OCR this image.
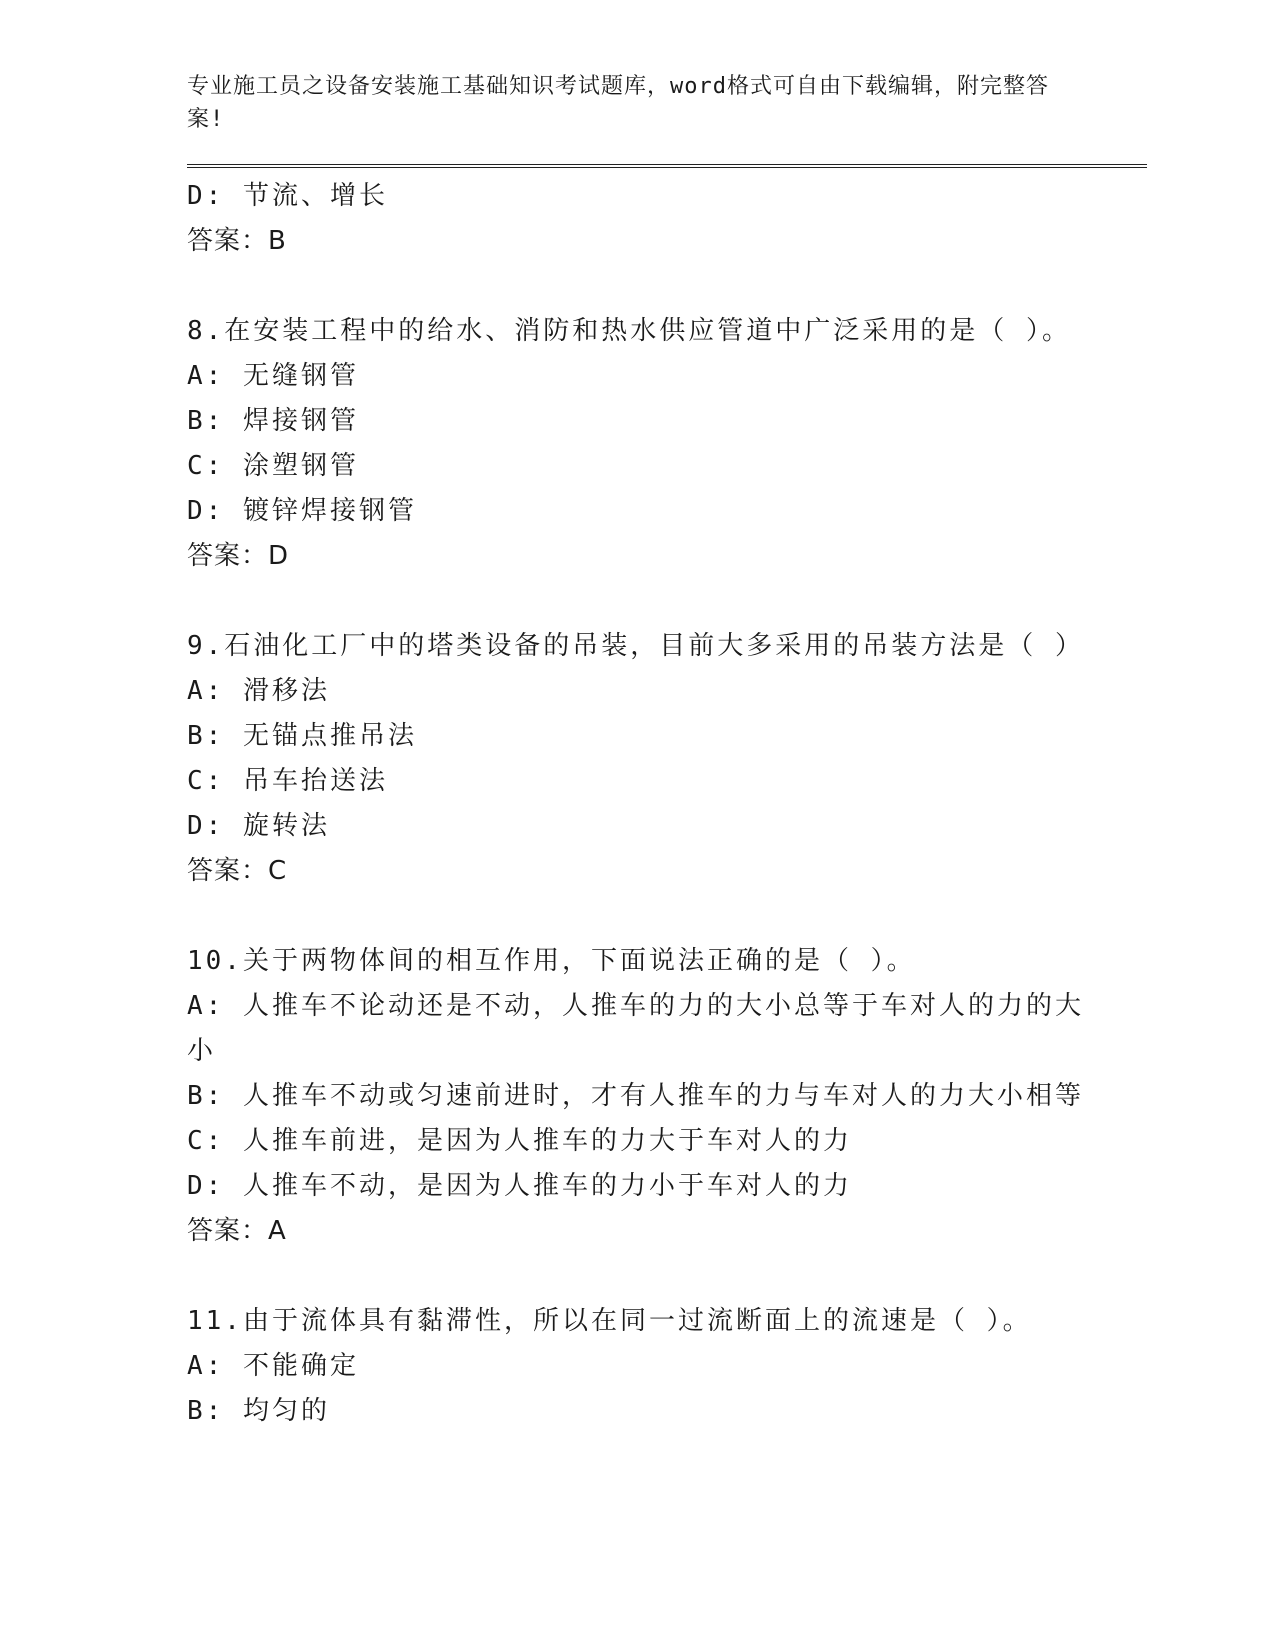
专业施工员之设备安装施工基础知识考试题库，word格式可自由下载编辑，附完整答案!
D: 节流、增长
答案：B
8.在安装工程中的给水、消防和热水供应管道中广泛采用的是（ ）。
A: 无缝钢管
B: 焊接钢管
C: 涂塑钢管
D: 镀锌焊接钢管
答案：D
9.石油化工厂中的塔类设备的吊装，目前大多采用的吊装方法是（ ）
A: 滑移法
B: 无锚点推吊法
C: 吊车抬送法
D: 旋转法
答案：C
10.关于两物体间的相互作用，下面说法正确的是（ ）。
A: 人推车不论动还是不动，人推车的力的大小总等于车对人的力的大小
B: 人推车不动或匀速前进时，才有人推车的力与车对人的力大小相等
C: 人推车前进，是因为人推车的力大于车对人的力
D: 人推车不动，是因为人推车的力小于车对人的力
答案：A
11.由于流体具有黏滞性，所以在同一过流断面上的流速是（ ）。
A: 不能确定
B: 均匀的
